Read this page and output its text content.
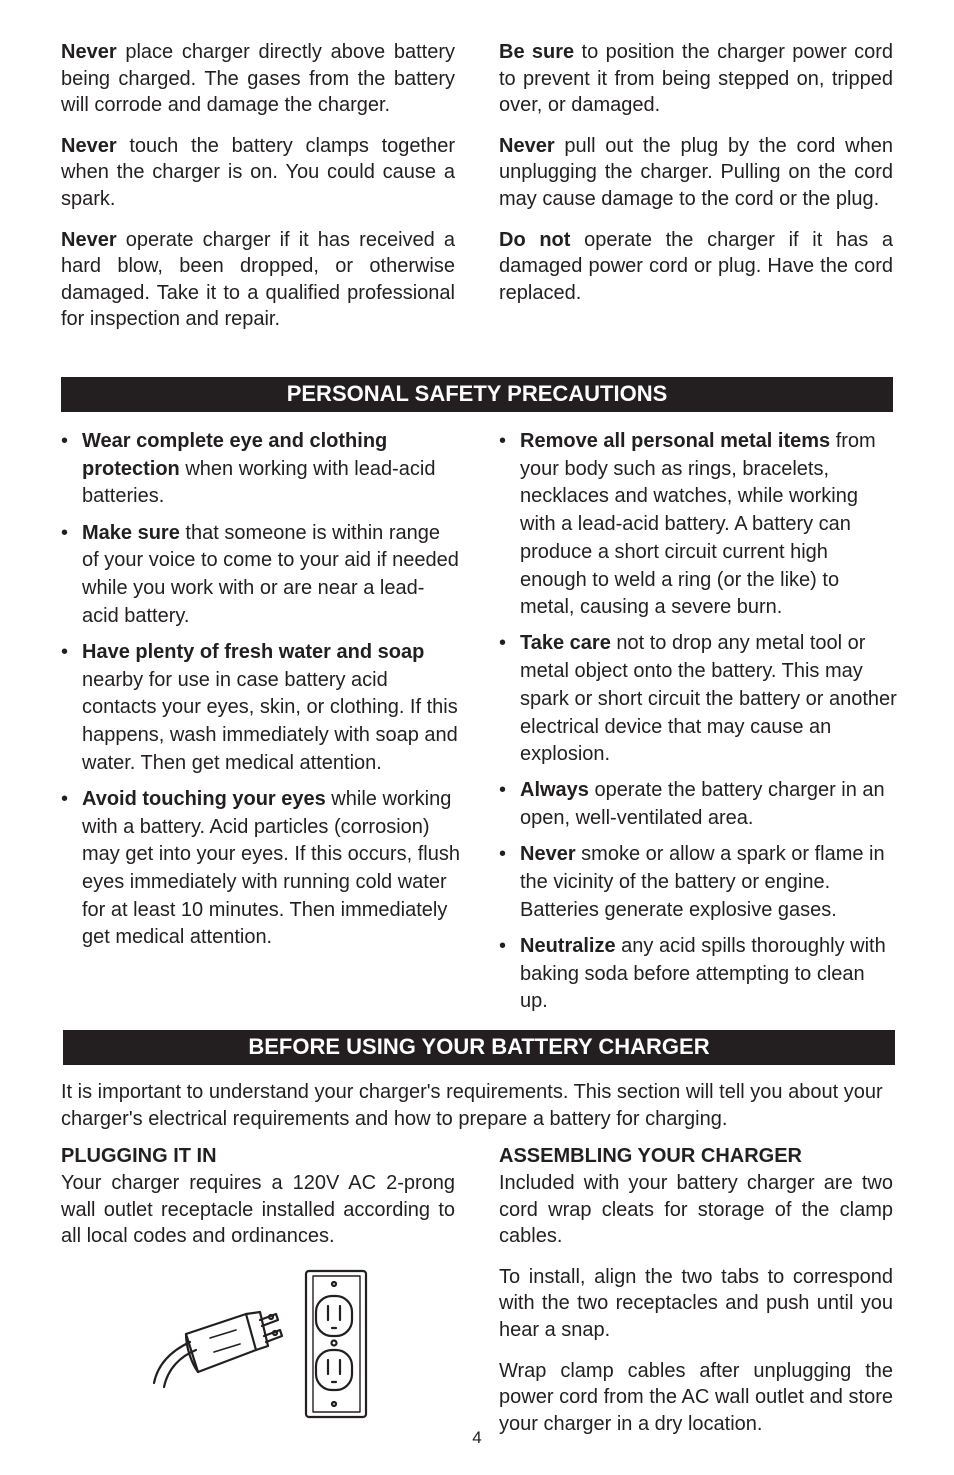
Never place charger directly above battery being charged. The gases from the battery will corrode and damage the charger.

Never touch the battery clamps together when the charger is on. You could cause a spark.

Never operate charger if it has received a hard blow, been dropped, or otherwise damaged. Take it to a qualified professional for inspection and repair.

Be sure to position the charger power cord to prevent it from being stepped on, tripped over, or damaged.

Never pull out the plug by the cord when unplugging the charger. Pulling on the cord may cause damage to the cord or the plug.

Do not operate the charger if it has a damaged power cord or plug. Have the cord replaced.

PERSONAL SAFETY PRECAUTIONS
• Wear complete eye and clothing protection when working with lead-acid batteries.
• Make sure that someone is within range of your voice to come to your aid if needed while you work with or are near a lead-acid battery.
• Have plenty of fresh water and soap nearby for use in case battery acid contacts your eyes, skin, or clothing. If this happens, wash immediately with soap and water. Then get medical attention.
• Avoid touching your eyes while working with a battery. Acid particles (corrosion) may get into your eyes. If this occurs, flush eyes immediately with running cold water for at least 10 minutes. Then immediately get medical attention.
• Remove all personal metal items from your body such as rings, bracelets, necklaces and watches, while working with a lead-acid battery. A battery can produce a short circuit current high enough to weld a ring (or the like) to metal, causing a severe burn.
• Take care not to drop any metal tool or metal object onto the battery. This may spark or short circuit the battery or another electrical device that may cause an explosion.
• Always operate the battery charger in an open, well-ventilated area.
• Never smoke or allow a spark or flame in the vicinity of the battery or engine. Batteries generate explosive gases.
• Neutralize any acid spills thoroughly with baking soda before attempting to clean up.
BEFORE USING YOUR BATTERY CHARGER
It is important to understand your charger's requirements. This section will tell you about your charger's electrical requirements and how to prepare a battery for charging.
PLUGGING IT IN
Your charger requires a 120V AC 2-prong wall outlet receptacle installed according to all local codes and ordinances.
ASSEMBLING YOUR CHARGER

Included with your battery charger are two cord wrap cleats for storage of the clamp cables.

To install, align the two tabs to correspond with the two receptacles and push until you hear a snap.

Wrap clamp cables after unplugging the power cord from the AC wall outlet and store your charger in a dry location.

4
